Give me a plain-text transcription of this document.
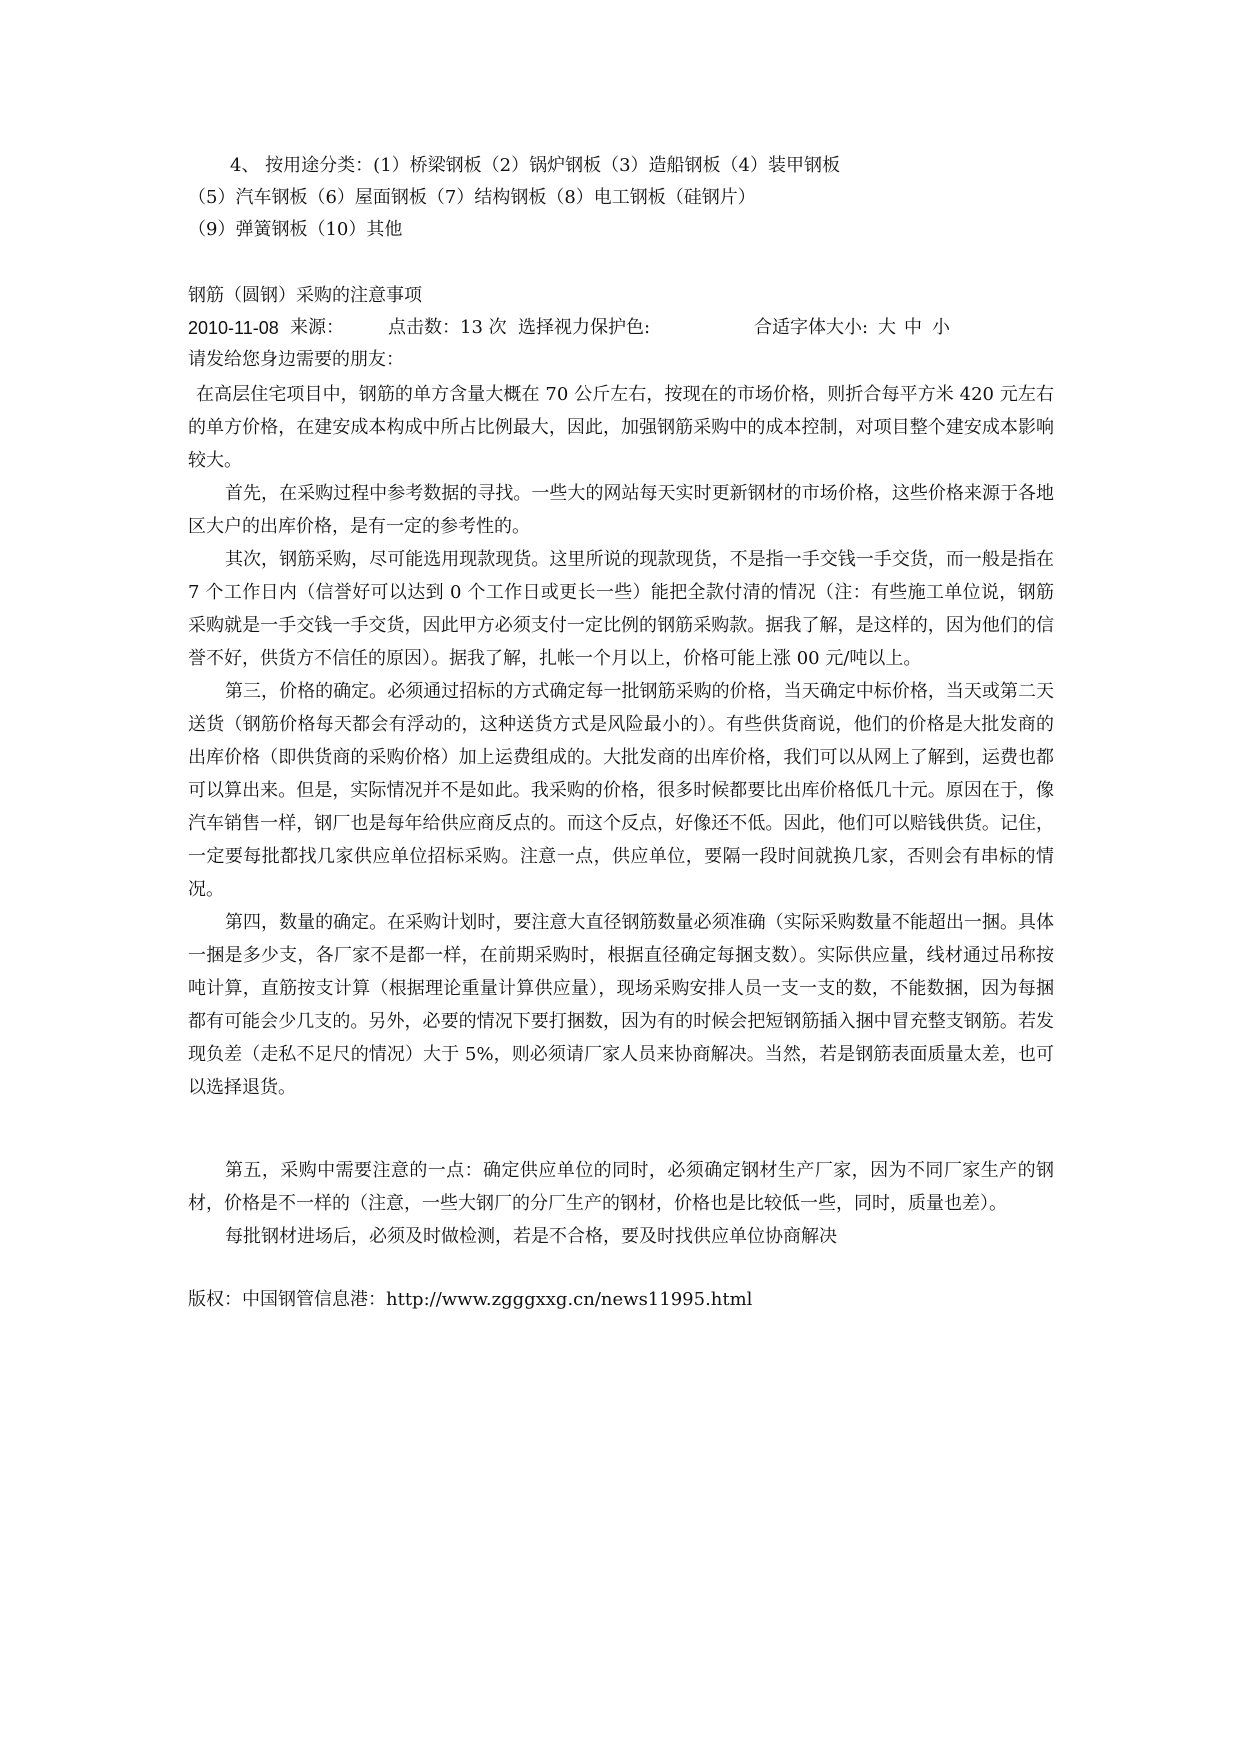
4、 按用途分类：(1）桥梁钢板（2）锅炉钢板（3）造船钢板（4）装甲钢板
（5）汽车钢板（6）屋面钢板（7）结构钢板（8）电工钢板（硅钢片）
（9）弹簧钢板（10）其他
钢筋（圆钢）采购的注意事项
2010-11-08 来源： 点击数：13 次 选择视力保护色:	合适字体大小: 大 中 小
请发给您身边需要的朋友：
在高层住宅项目中，钢筋的单方含量大概在 70 公斤左右，按现在的市场价格，则折合每平方米 420 元左右的单方价格，在建安成本构成中所占比例最大，因此，加强钢筋采购中的成本控制，对项目整个建安成本影响较大。
首先，在采购过程中参考数据的寻找。一些大的网站每天实时更新钢材的市场价格，这些价格来源于各地区大户的出库价格，是有一定的参考性的。
其次，钢筋采购，尽可能选用现款现货。这里所说的现款现货，不是指一手交钱一手交货，而一般是指在 7 个工作日内（信誉好可以达到 0 个工作日或更长一些）能把全款付清的情况（注：有些施工单位说，钢筋采购就是一手交钱一手交货，因此甲方必须支付一定比例的钢筋采购款。据我了解，是这样的，因为他们的信誉不好，供货方不信任的原因）。据我了解，扎帐一个月以上，价格可能上涨 00 元/吨以上。
第三，价格的确定。必须通过招标的方式确定每一批钢筋采购的价格，当天确定中标价格，当天或第二天送货（钢筋价格每天都会有浮动的，这种送货方式是风险最小的）。有些供货商说，他们的价格是大批发商的出库价格（即供货商的采购价格）加上运费组成的。大批发商的出库价格，我们可以从网上了解到，运费也都可以算出来。但是，实际情况并不是如此。我采购的价格，很多时候都要比出库价格低几十元。原因在于，像汽车销售一样，钢厂也是每年给供应商反点的。而这个反点，好像还不低。因此，他们可以赔钱供货。记住，一定要每批都找几家供应单位招标采购。注意一点，供应单位，要隔一段时间就换几家，否则会有串标的情况。
第四，数量的确定。在采购计划时，要注意大直径钢筋数量必须准确（实际采购数量不能超出一捆。具体一捆是多少支，各厂家不是都一样，在前期采购时，根据直径确定每捆支数）。实际供应量，线材通过吊称按吨计算，直筋按支计算（根据理论重量计算供应量），现场采购安排人员一支一支的数，不能数捆，因为每捆都有可能会少几支的。另外，必要的情况下要打捆数，因为有的时候会把短钢筋插入捆中冒充整支钢筋。若发现负差（走私不足尺的情况）大于 5%，则必须请厂家人员来协商解决。当然，若是钢筋表面质量太差，也可以选择退货。
第五，采购中需要注意的一点：确定供应单位的同时，必须确定钢材生产厂家，因为不同厂家生产的钢材，价格是不一样的（注意，一些大钢厂的分厂生产的钢材，价格也是比较低一些，同时，质量也差）。
每批钢材进场后，必须及时做检测，若是不合格，要及时找供应单位协商解决
版权：中国钢管信息港：http://www.zgggxxg.cn/news11995.html
